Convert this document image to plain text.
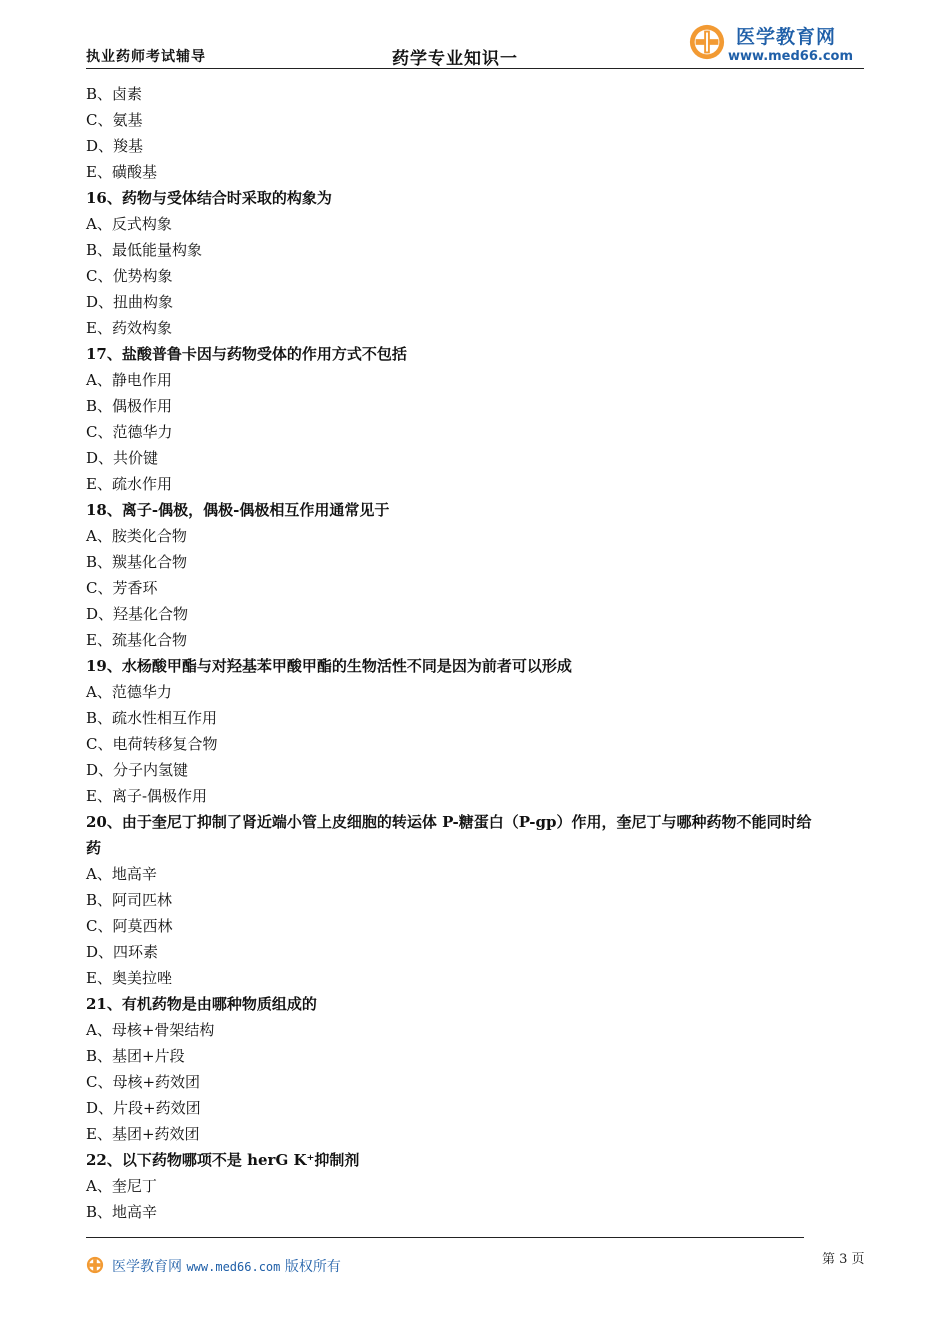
执业药师考试辅导	药学专业知识一
医学教育网
www.med66.com
B、卤素
C、氨基
D、羧基
E、磺酸基
16、药物与受体结合时采取的构象为
A、反式构象
B、最低能量构象
C、优势构象
D、扭曲构象
E、药效构象
17、盐酸普鲁卡因与药物受体的作用方式不包括
A、静电作用
B、偶极作用
C、范德华力
D、共价键
E、疏水作用
18、离子-偶极，偶极-偶极相互作用通常见于
A、胺类化合物
B、羰基化合物
C、芳香环
D、羟基化合物
E、巯基化合物
19、水杨酸甲酯与对羟基苯甲酸甲酯的生物活性不同是因为前者可以形成
A、范德华力
B、疏水性相互作用
C、电荷转移复合物
D、分子内氢键
E、离子-偶极作用
20、由于奎尼丁抑制了肾近端小管上皮细胞的转运体 P-糖蛋白（P-gp）作用，奎尼丁与哪种药物不能同时给
药
A、地高辛
B、阿司匹林
C、阿莫西林
D、四环素
E、奥美拉唑
21、有机药物是由哪种物质组成的
A、母核+骨架结构
B、基团+片段
C、母核+药效团
D、片段+药效团
E、基团+药效团
22、以下药物哪项不是 herG K⁺抑制剂
A、奎尼丁
B、地高辛
医学教育网 www.med66.com 版权所有	第 3 页
